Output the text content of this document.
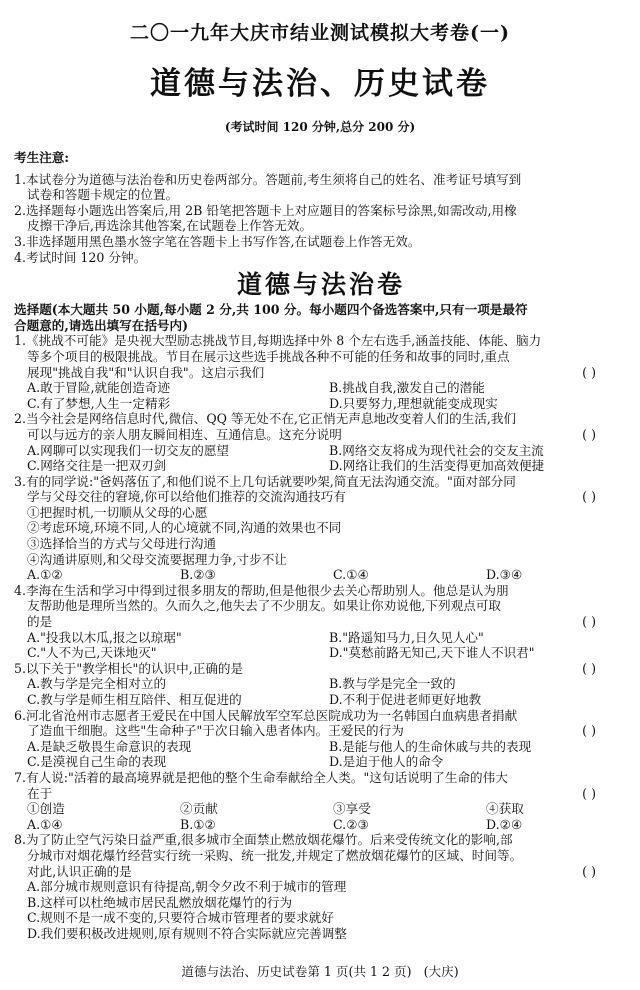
二〇一九年大庆市结业测试模拟大考卷(一)
道德与法治、历史试卷
(考试时间 120 分钟,总分 200 分)
考生注意:
1.本试卷分为道德与法治卷和历史卷两部分。答题前,考生须将自己的姓名、准考证号填写到
试卷和答题卡规定的位置。
2.选择题每小题选出答案后,用 2B 铅笔把答题卡上对应题目的答案标号涂黑,如需改动,用橡
皮擦干净后,再选涂其他答案,在试题卷上作答无效。
3.非选择题用黑色墨水签字笔在答题卡上书写作答,在试题卷上作答无效。
4.考试时间 120 分钟。
道德与法治卷
选择题(本大题共 50 小题,每小题 2 分,共 100 分。每小题四个备选答案中,只有一项是最符
合题意的,请选出填写在括号内)
1.《挑战不可能》是央视大型励志挑战节目,每期选择中外 8 个左右选手,涵盖技能、体能、脑力
等多个项目的极限挑战。节目在展示这些选手挑战各种不可能的任务和故事的同时,重点
展现"挑战自我"和"认识自我"。这启示我们	( )
A.敢于冒险,就能创造奇迹	B.挑战自我,激发自己的潜能
C.有了梦想,人生一定精彩	D.只要努力,理想就能变成现实
2.当今社会是网络信息时代,微信、QQ 等无处不在,它正悄无声息地改变着人们的生活,我们
可以与远方的亲人朋友瞬间相连、互通信息。这充分说明	( )
A.网聊可以实现我们一切交友的愿望	B.网络交友将成为现代社会的交友主流
C.网络交往是一把双刃剑	D.网络让我们的生活变得更加高效便捷
3.有的同学说:"爸妈落伍了,和他们说不上几句话就要吵架,简直无法沟通交流。"面对部分同
学与父母交往的窘境,你可以给他们推荐的交流沟通技巧有	( )
①把握时机,一切顺从父母的心愿
②考虑环境,环境不同,人的心境就不同,沟通的效果也不同
③选择恰当的方式与父母进行沟通
④沟通讲原则,和父母交流要据理力争,寸步不让
A.①②	B.②③	C.①④	D.③④
4.李海在生活和学习中得到过很多朋友的帮助,但是他很少去关心帮助别人。他总是认为朋
友帮助他是理所当然的。久而久之,他失去了不少朋友。如果让你劝说他,下列观点可取
的是	( )
A."投我以木瓜,报之以琼琚"	B."路遥知马力,日久见人心"
C."人不为己,天诛地灭"	D."莫愁前路无知己,天下谁人不识君"
5.以下关于"教学相长"的认识中,正确的是	( )
A.教与学是完全相对立的	B.教与学是完全一致的
C.教与学是师生相互陪伴、相互促进的	D.不利于促进老师更好地教
6.河北省沧州市志愿者王爱民在中国人民解放军空军总医院成功为一名韩国白血病患者捐献
了造血干细胞。这些"生命种子"于次日输入患者体内。王爱民的行为	( )
A.是缺乏敬畏生命意识的表现	B.是能与他人的生命休戚与共的表现
C.是漠视自己生命的表现	D.是迫于他人的命令
7.有人说:"活着的最高境界就是把他的整个生命奉献给全人类。"这句话说明了生命的伟大
在于	( )
①创造	②贡献	③享受	④获取
A.①④	B.①②	C.②③	D.②④
8.为了防止空气污染日益严重,很多城市全面禁止燃放烟花爆竹。后来受传统文化的影响,部
分城市对烟花爆竹经营实行统一采购、统一批发,并规定了燃放烟花爆竹的区域、时间等。
对此,认识正确的是	( )
A.部分城市规则意识有待提高,朝令夕改不利于城市的管理
B.这样可以杜绝城市居民乱燃放烟花爆竹的行为
C.规则不是一成不变的,只要符合城市管理者的要求就好
D.我们要积极改进规则,原有规则不符合实际就应完善调整
道德与法治、历史试卷第 1 页(共 1 2 页) (大庆)
